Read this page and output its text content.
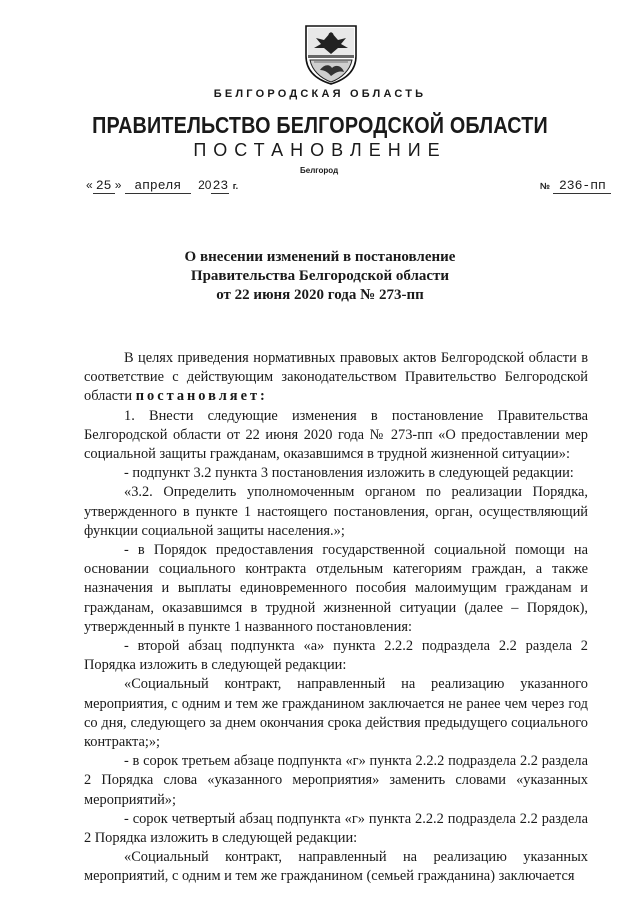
БЕЛГОРОДСКАЯ ОБЛАСТЬ
ПРАВИТЕЛЬСТВО БЕЛГОРОДСКОЙ ОБЛАСТИ
ПОСТАНОВЛЕНИЕ
Белгород
« 25 » апреля 2023 г.	№ 236-пп
О внесении изменений в постановление
Правительства Белгородской области
от 22 июня 2020 года № 273-пп

В целях приведения нормативных правовых актов Белгородской области в соответствие с действующим законодательством Правительство Белгородской области постановляет:

1. Внести следующие изменения в постановление Правительства Белгородской области от 22 июня 2020 года № 273-пп «О предоставлении мер социальной защиты гражданам, оказавшимся в трудной жизненной ситуации»:

- подпункт 3.2 пункта 3 постановления изложить в следующей редакции:

«3.2. Определить уполномоченным органом по реализации Порядка, утвержденного в пункте 1 настоящего постановления, орган, осуществляющий функции социальной защиты населения.»;

- в Порядок предоставления государственной социальной помощи на основании социального контракта отдельным категориям граждан, а также назначения и выплаты единовременного пособия малоимущим гражданам и гражданам, оказавшимся в трудной жизненной ситуации (далее – Порядок), утвержденный в пункте 1 названного постановления:

- второй абзац подпункта «а» пункта 2.2.2 подраздела 2.2 раздела 2 Порядка изложить в следующей редакции:

«Социальный контракт, направленный на реализацию указанного мероприятия, с одним и тем же гражданином заключается не ранее чем через год со дня, следующего за днем окончания срока действия предыдущего социального контракта;»;

- в сорок третьем абзаце подпункта «г» пункта 2.2.2 подраздела 2.2 раздела 2 Порядка слова «указанного мероприятия» заменить словами «указанных мероприятий»;

- сорок четвертый абзац подпункта «г» пункта 2.2.2 подраздела 2.2 раздела 2 Порядка изложить в следующей редакции:

«Социальный контракт, направленный на реализацию указанных мероприятий, с одним и тем же гражданином (семьей гражданина) заключается
